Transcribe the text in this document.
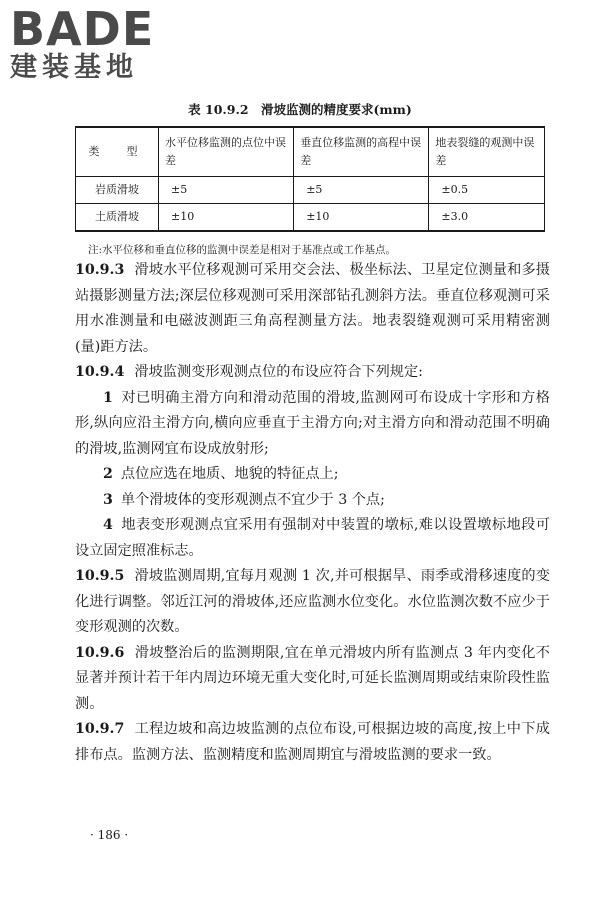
BADE
建装基地
表 10.9.2　滑坡监测的精度要求(mm)
类　型	水平位移监测的点位中误差	垂直位移监测的高程中误差	地表裂缝的观测中误差
岩质滑坡	±5	±5	±0.5
土质滑坡	±10	±10	±3.0
注:水平位移和垂直位移的监测中误差是相对于基准点或工作基点。

10.9.3 滑坡水平位移观测可采用交会法、极坐标法、卫星定位测量和多摄站摄影测量方法;深层位移观测可采用深部钻孔测斜方法。垂直位移观测可采用水准测量和电磁波测距三角高程测量方法。地表裂缝观测可采用精密测(量)距方法。

10.9.4 滑坡监测变形观测点位的布设应符合下列规定:

1 对已明确主滑方向和滑动范围的滑坡,监测网可布设成十字形和方格形,纵向应沿主滑方向,横向应垂直于主滑方向;对主滑方向和滑动范围不明确的滑坡,监测网宜布设成放射形;

2 点位应选在地质、地貌的特征点上;

3 单个滑坡体的变形观测点不宜少于 3 个点;

4 地表变形观测点宜采用有强制对中装置的墩标,难以设置墩标地段可设立固定照准标志。

10.9.5 滑坡监测周期,宜每月观测 1 次,并可根据旱、雨季或滑移速度的变化进行调整。邻近江河的滑坡体,还应监测水位变化。水位监测次数不应少于变形观测的次数。

10.9.6 滑坡整治后的监测期限,宜在单元滑坡内所有监测点 3 年内变化不显著并预计若干年内周边环境无重大变化时,可延长监测周期或结束阶段性监测。

10.9.7 工程边坡和高边坡监测的点位布设,可根据边坡的高度,按上中下成排布点。监测方法、监测精度和监测周期宜与滑坡监测的要求一致。

· 186 ·
